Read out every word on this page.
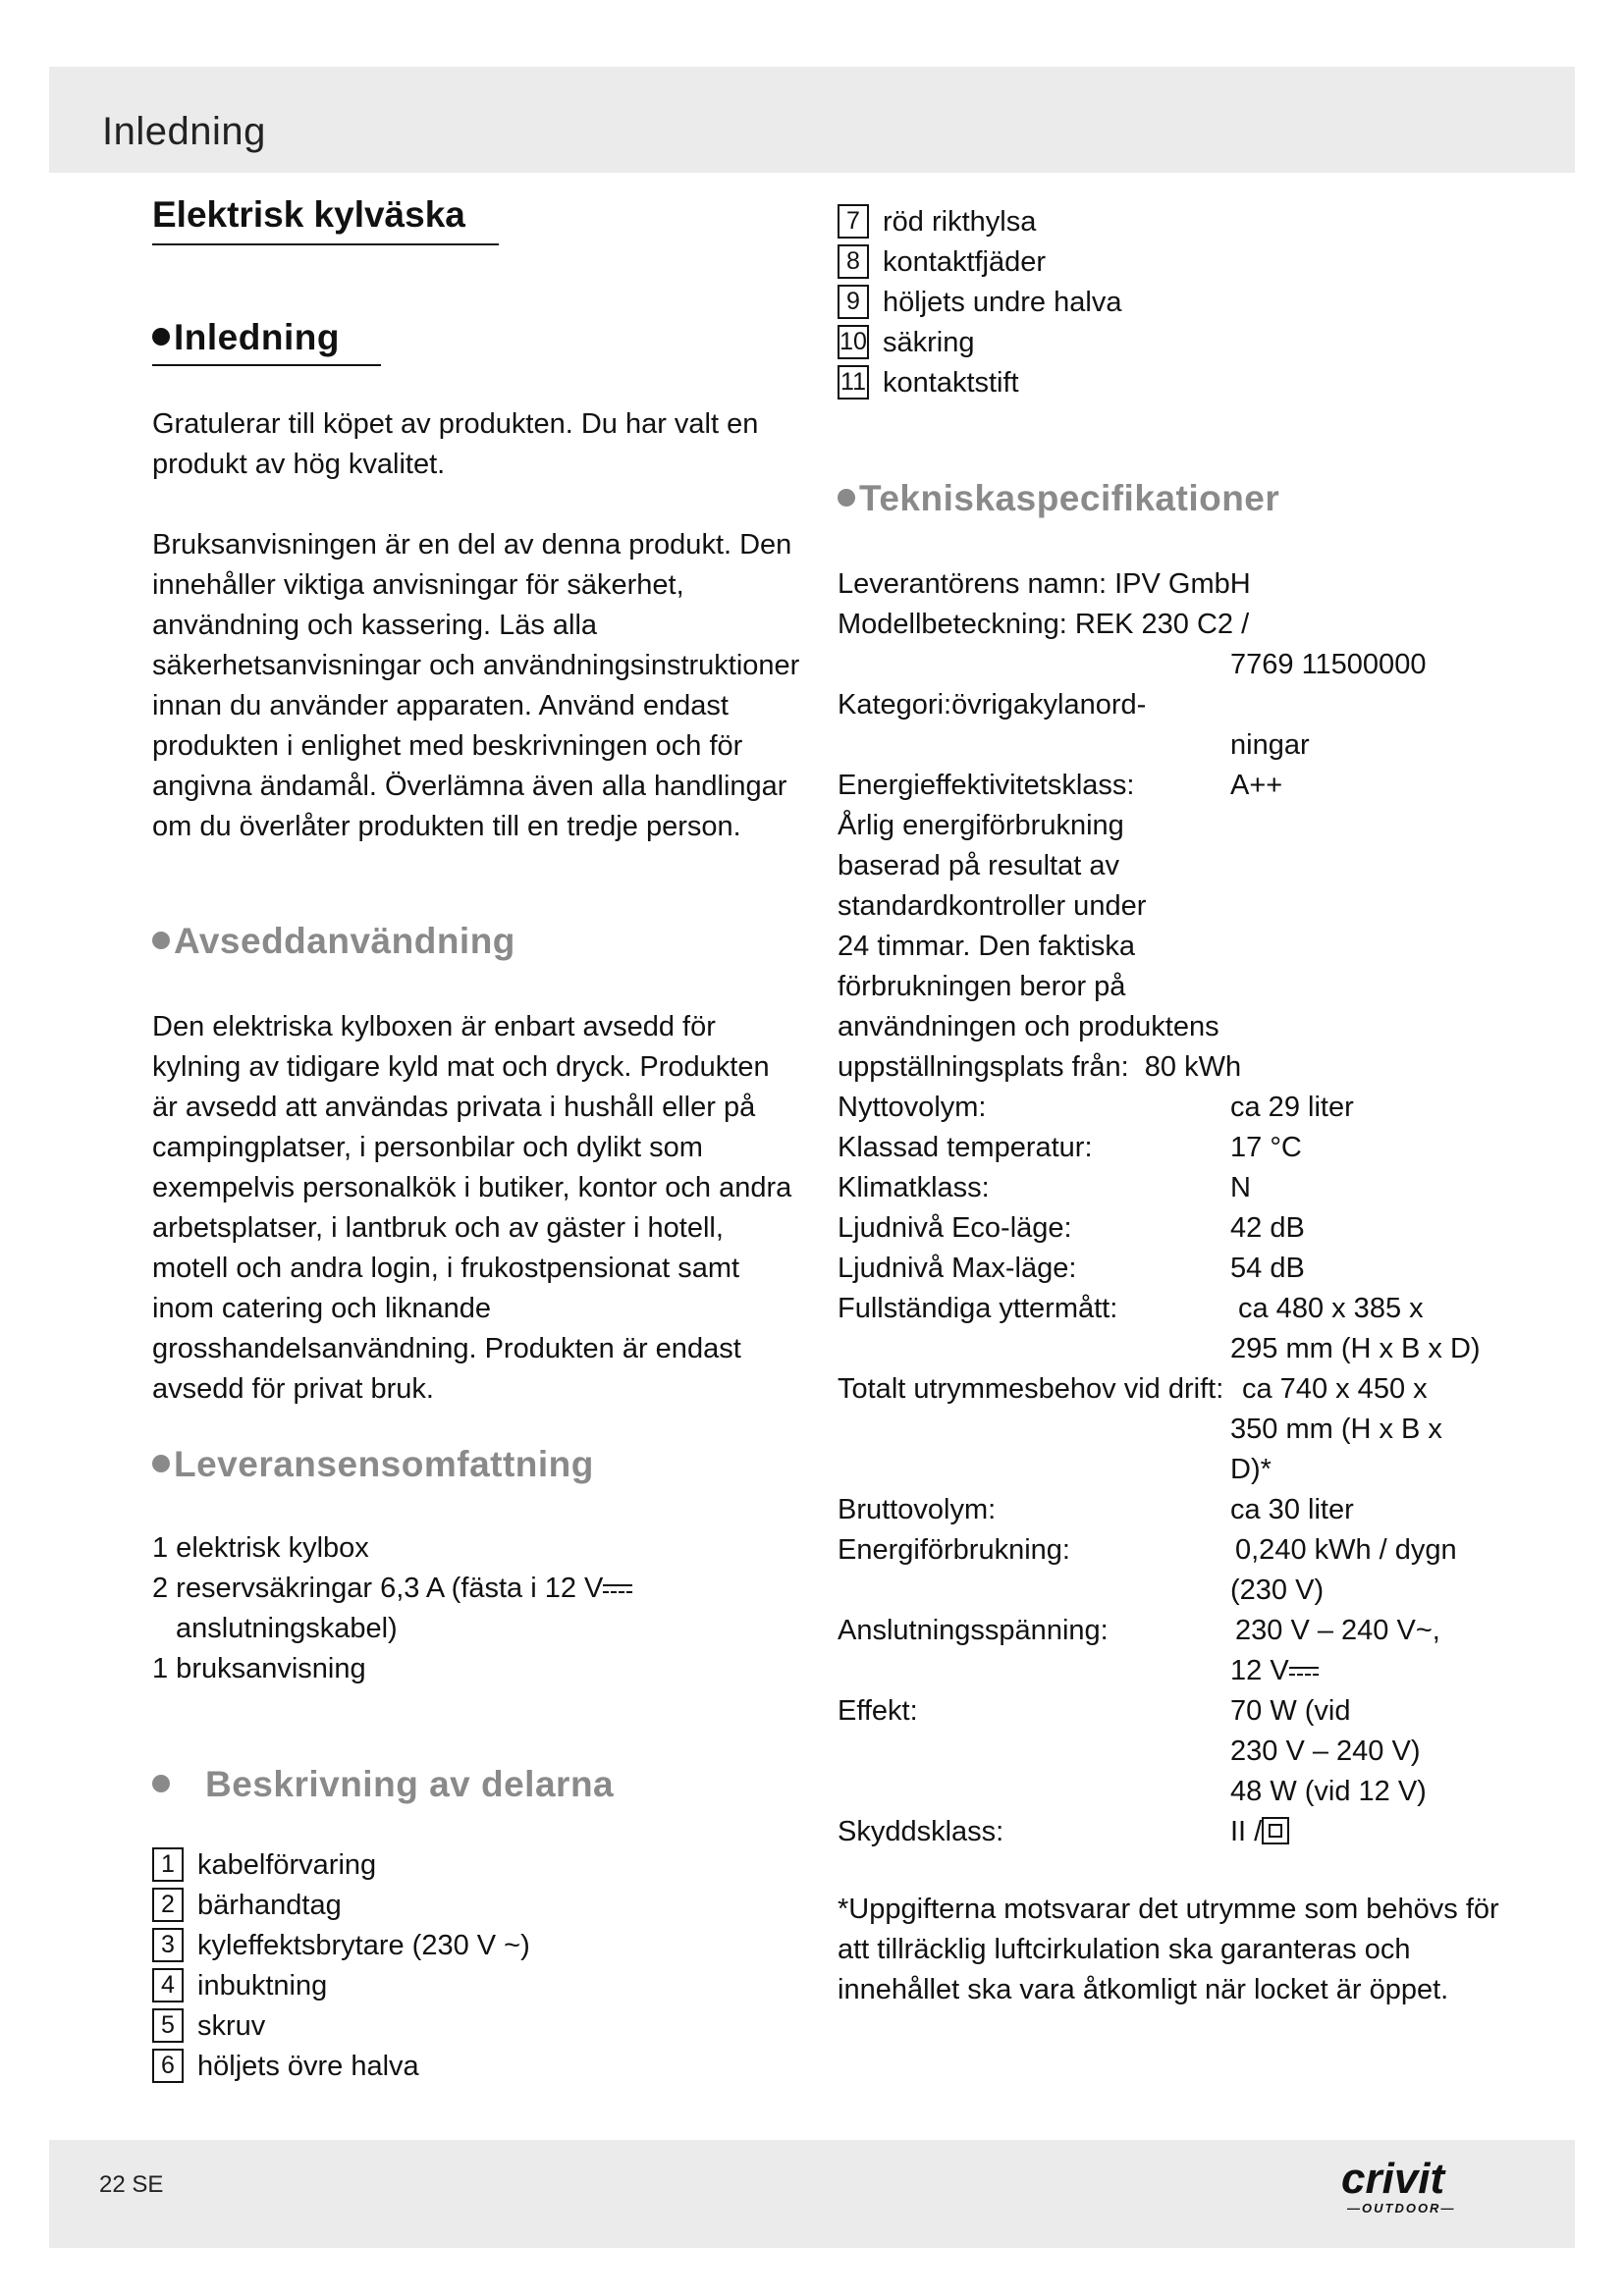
Inledning
Elektrisk kylväska
Inledning

Gratulerar till köpet av produkten. Du har valt en produkt av hög kvalitet.

Bruksanvisningen är en del av denna produkt. Den innehåller viktiga anvisningar för säkerhet, användning och kassering. Läs alla säkerhetsanvisningar och användningsinstruktioner innan du använder apparaten. Använd endast produkten i enlighet med beskrivningen och för angivna ändamål. Överlämna även alla handlingar om du överlåter produkten till en tredje person.

Avseddanvändning

Den elektriska kylboxen är enbart avsedd för kylning av tidigare kyld mat och dryck. Produkten är avsedd att användas privata i hushåll eller på campingplatser, i personbilar och dylikt som exempelvis personalkök i butiker, kontor och andra arbetsplatser, i lantbruk och av gäster i hotell, motell och andra login, i frukostpensionat samt inom catering och liknande grosshandelsanvändning. Produkten är endast avsedd för privat bruk.

Leveransensomfattning
1 elektrisk kylbox
2 reservsäkringar 6,3 A (fästa i 12 V
anslutningskabel)
1 bruksanvisning
Beskrivning av delarna
1 kabelförvaring
2 bärhandtag
3 kyleffektsbrytare (230 V ~)
4 inbuktning
5 skruv
6 höljets övre halva
7 röd rikthylsa
8 kontaktfjäder
9 höljets undre halva
10 säkring
11 kontaktstift
Tekniskaspecifikationer
Leverantörens namn: IPV GmbH
Modellbeteckning: REK 230 C2 /

7769 11500000
Kategori:övrigakylanord-

ningar
Energieffektivitetsklass:	A++
Årlig energiförbrukning
baserad på resultat av
standardkontroller under
24 timmar. Den faktiska
förbrukningen beror på
användningen och produktens
uppställningsplats från: 80 kWh
Nyttovolym:	ca 29 liter
Klassad temperatur:	17 °C
Klimatklass:	N
Ljudnivå Eco-läge:	42 dB
Ljudnivå Max-läge:	54 dB
Fullständiga yttermått:	ca 480 x 385 x

295 mm (H x B x D)
Totalt utrymmesbehov vid drift: ca 740 x 450 x

350 mm (H x B x

D)*
Bruttovolym:	ca 30 liter
Energiförbrukning:	0,240 kWh / dygn

(230 V)
Anslutningsspänning:	230 V – 240 V~,

12 V
Effekt:	70 W (vid

230 V – 240 V)

48 W (vid 12 V)
Skyddsklass:	II /

*Uppgifterna motsvarar det utrymme som behövs för att tillräcklig luftcirkulation ska garanteras och innehållet ska vara åtkomligt när locket är öppet.

22 SE	crivit
—OUTDOOR—
